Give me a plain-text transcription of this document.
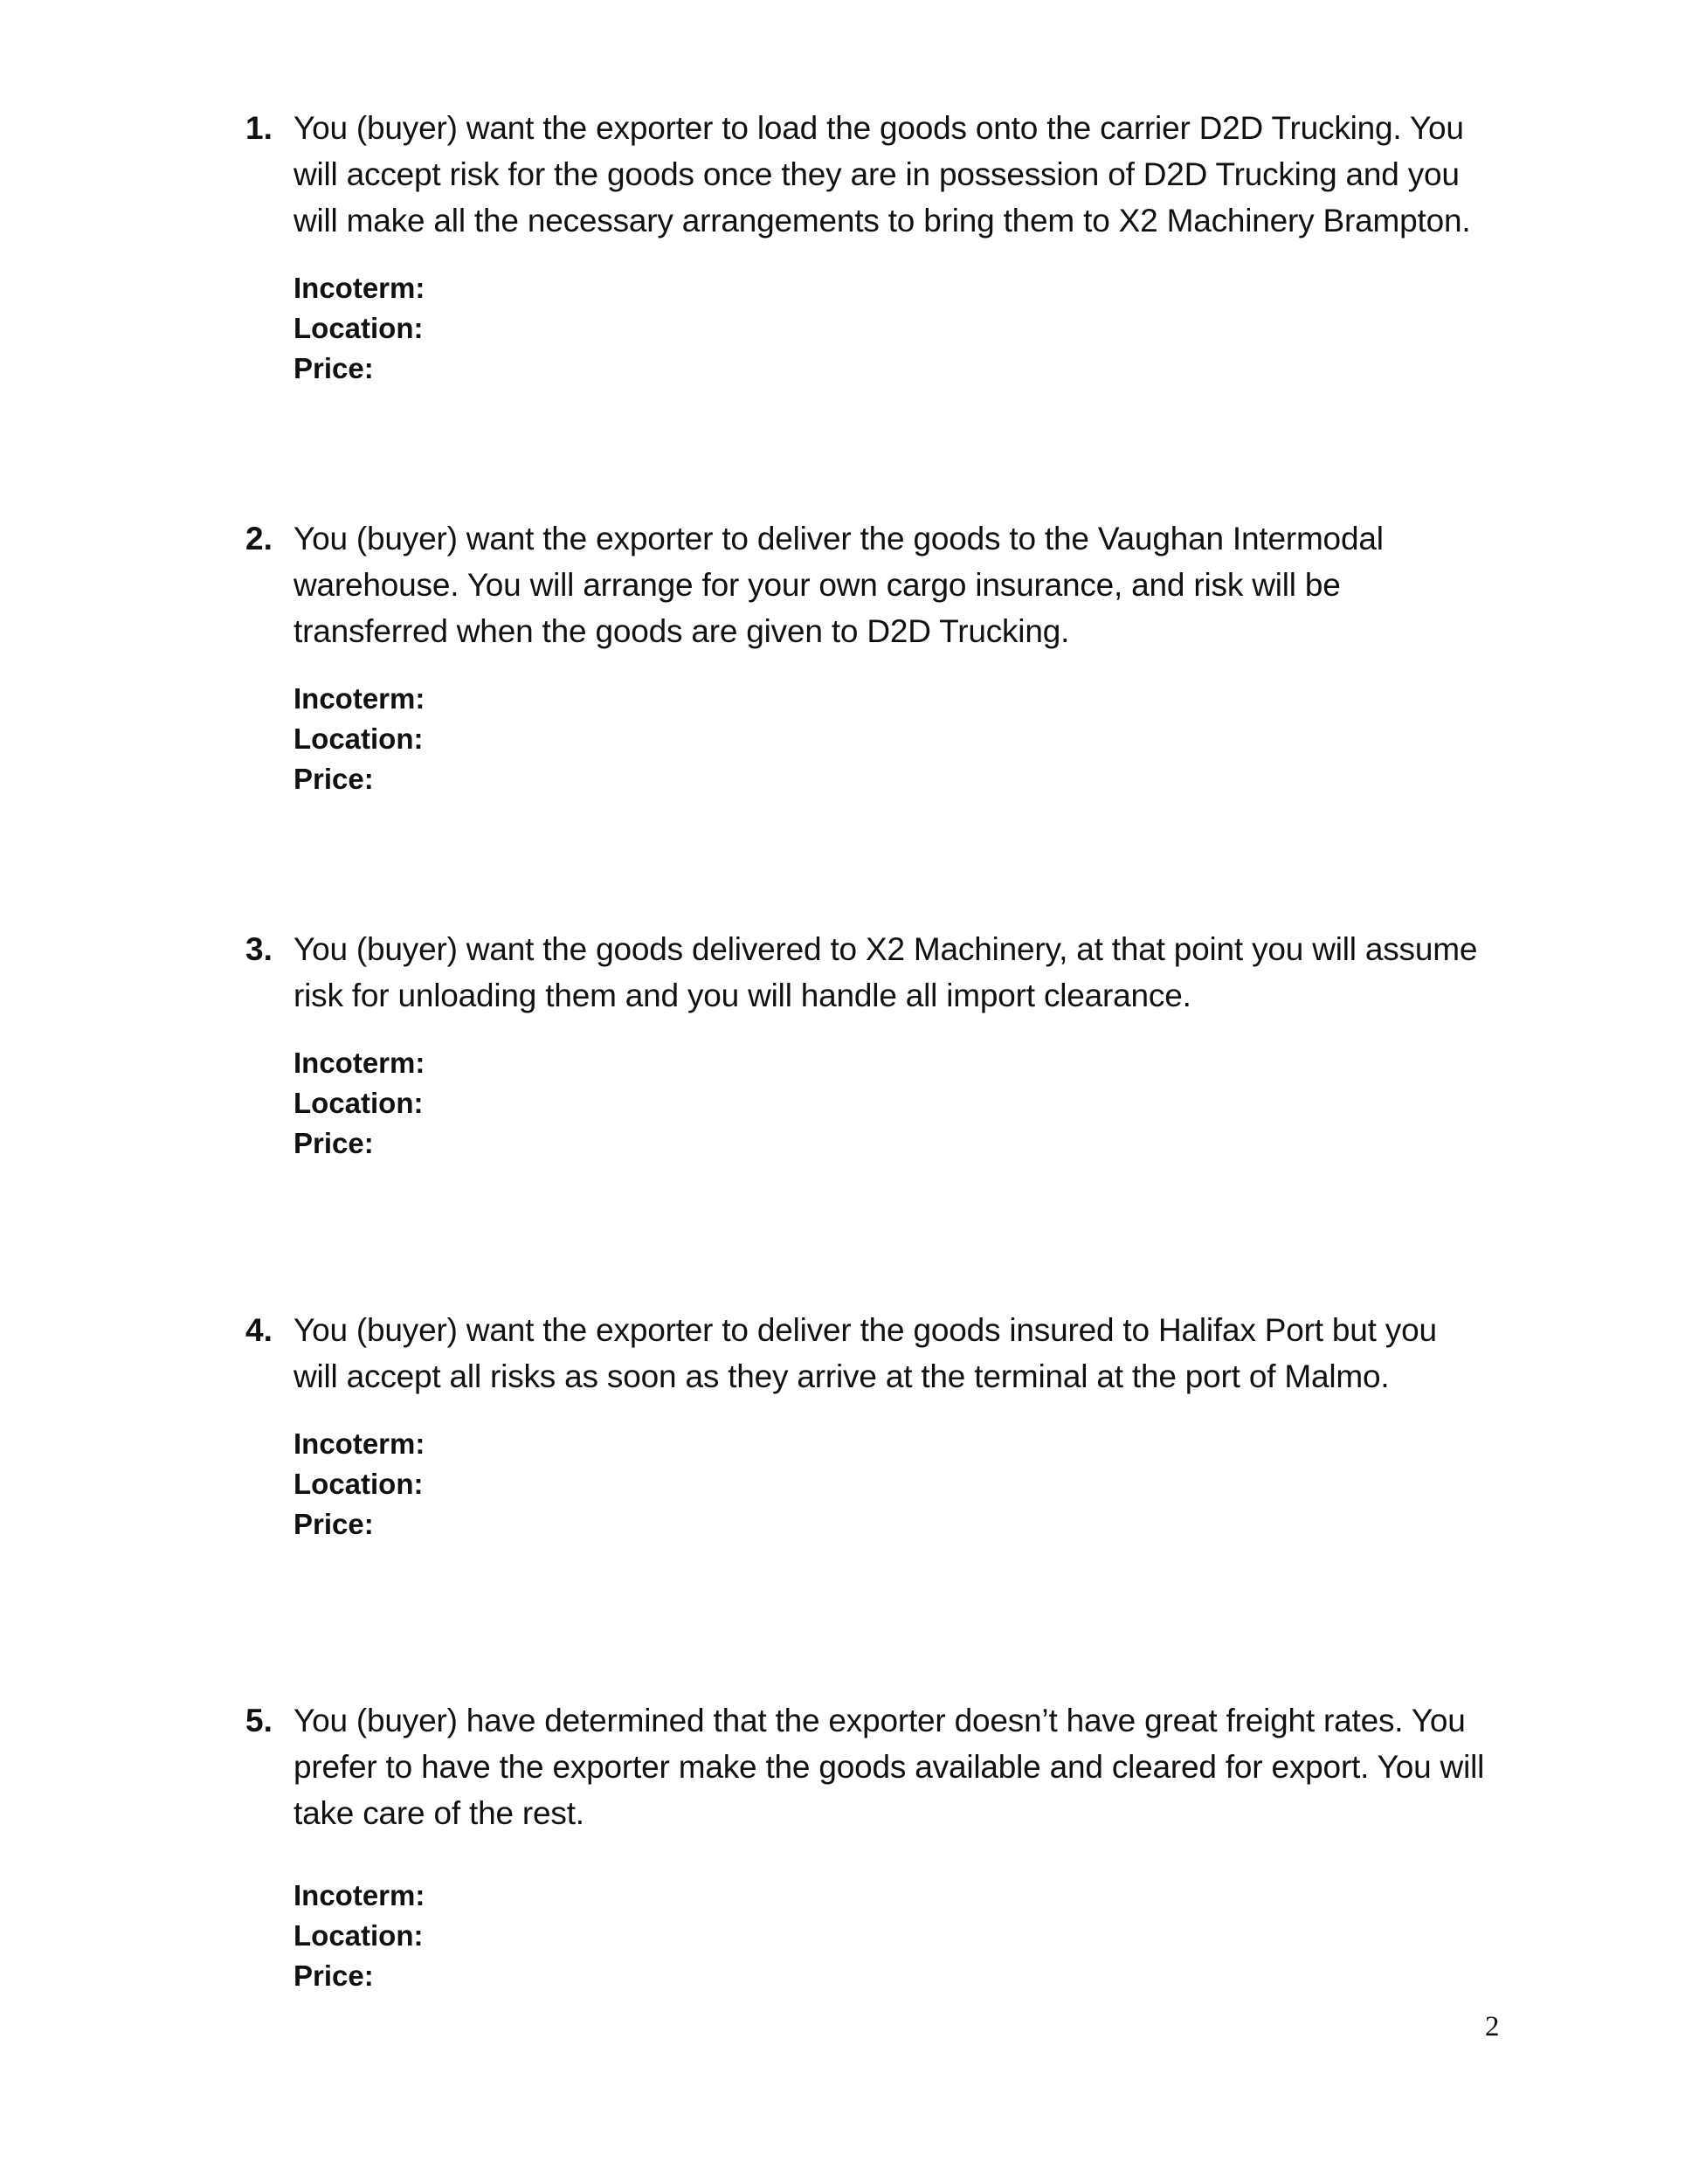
1. You (buyer) want the exporter to load the goods onto the carrier D2D Trucking. You will accept risk for the goods once they are in possession of D2D Trucking and you will make all the necessary arrangements to bring them to X2 Machinery Brampton.
Incoterm:
Location:
Price:
2. You (buyer) want the exporter to deliver the goods to the Vaughan Intermodal warehouse. You will arrange for your own cargo insurance, and risk will be transferred when the goods are given to D2D Trucking.
Incoterm:
Location:
Price:
3. You (buyer) want the goods delivered to X2 Machinery, at that point you will assume risk for unloading them and you will handle all import clearance.
Incoterm:
Location:
Price:
4. You (buyer) want the exporter to deliver the goods insured to Halifax Port but you will accept all risks as soon as they arrive at the terminal at the port of Malmo.
Incoterm:
Location:
Price:
5. You (buyer) have determined that the exporter doesn’t have great freight rates. You prefer to have the exporter make the goods available and cleared for export. You will take care of the rest.
Incoterm:
Location:
Price:
2
